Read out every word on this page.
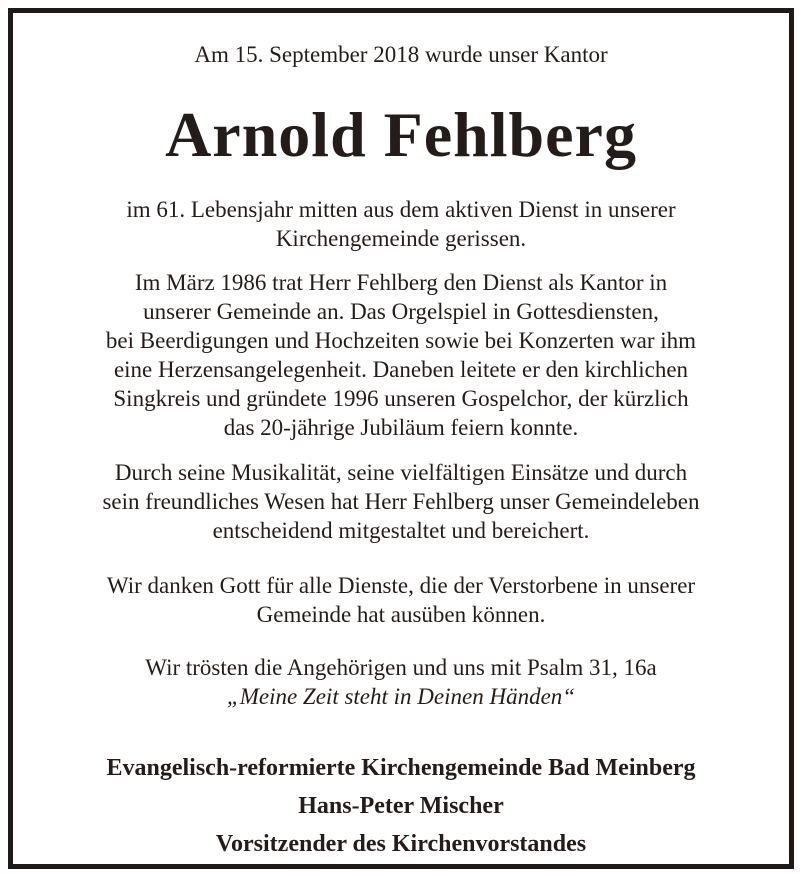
Am 15. September 2018 wurde unser Kantor
Arnold Fehlberg
im 61. Lebensjahr mitten aus dem aktiven Dienst in unserer
Kirchengemeinde gerissen.
Im März 1986 trat Herr Fehlberg den Dienst als Kantor in
unserer Gemeinde an. Das Orgelspiel in Gottesdiensten,
bei Beerdigungen und Hochzeiten sowie bei Konzerten war ihm
eine Herzensangelegenheit. Daneben leitete er den kirchlichen
Singkreis und gründete 1996 unseren Gospelchor, der kürzlich
das 20-jährige Jubiläum feiern konnte.
Durch seine Musikalität, seine vielfältigen Einsätze und durch
sein freundliches Wesen hat Herr Fehlberg unser Gemeindeleben
entscheidend mitgestaltet und bereichert.
Wir danken Gott für alle Dienste, die der Verstorbene in unserer
Gemeinde hat ausüben können.
Wir trösten die Angehörigen und uns mit Psalm 31, 16a
„Meine Zeit steht in Deinen Händen“
Evangelisch-reformierte Kirchengemeinde Bad Meinberg
Hans-Peter Mischer
Vorsitzender des Kirchenvorstandes
